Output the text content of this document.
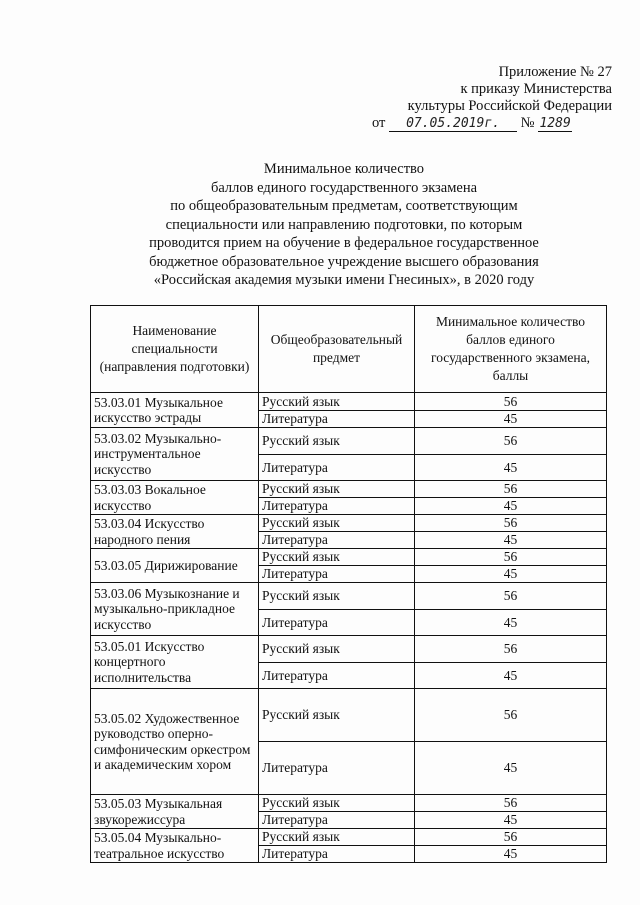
Приложение № 27
к приказу Министерства
культуры Российской Федерации
от 07.05.2019г. № 1289
Минимальное количество
баллов единого государственного экзамена
по общеобразовательным предметам, соответствующим
специальности или направлению подготовки, по которым
проводится прием на обучение в федеральное государственное
бюджетное образовательное учреждение высшего образования
«Российская академия музыки имени Гнесиных», в 2020 году
Наименование специальности (направления подготовки)	Общеобразовательный предмет	Минимальное количество баллов единого государственного экзамена, баллы
53.03.01 Музыкальное искусство эстрады	Русский язык	56
	Литература	45
53.03.02 Музыкально-инструментальное искусство	Русский язык	56
	Литература	45
53.03.03 Вокальное искусство	Русский язык	56
	Литература	45
53.03.04 Искусство народного пения	Русский язык	56
	Литература	45
53.03.05 Дирижирование	Русский язык	56
	Литература	45
53.03.06 Музыкознание и музыкально-прикладное искусство	Русский язык	56
	Литература	45
53.05.01 Искусство концертного исполнительства	Русский язык	56
	Литература	45
53.05.02 Художественное руководство оперно-симфоническим оркестром и академическим хором	Русский язык	56
	Литература	45
53.05.03 Музыкальная звукорежиссура	Русский язык	56
	Литература	45
53.05.04 Музыкально-театральное искусство	Русский язык	56
	Литература	45
